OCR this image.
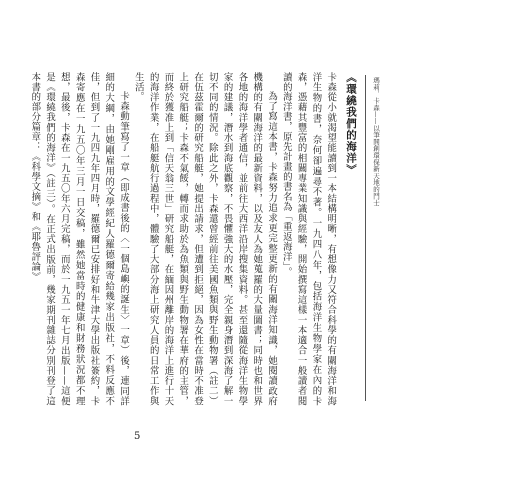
瑪莉．卡森——以筆開創環保新天地的鬥士
《環繞我們的海洋》

卡森從小就渴望能讀到一本結構明晰，有想像力又符合科學的有關海洋和海洋生物的書，奈何卻遍尋不著。一九四八年，包括海洋生物學家在內的卡森，憑藉其豐富的相關專業知識與經驗，開始撰寫這樣一本適合一般讀者閱讀的海洋書，原先計畫的書名為「重返海洋」。

為了寫這本書，卡森努力追求更完整更新的有關海洋知識，她閱讀政府機構的有關海洋的最新資料，以及友人為她蒐羅的大量圖書；同時也和世界各地的海洋學者通信，並前往大西洋沿岸搜集資料。甚至還隨從海洋生物學家的建議，潛水到海底觀察，不畏懼強大的水壓，完全親身潛到深海了解一切不同的情況。除此之外，卡森還曾經前往美國魚類與野生動物署（註二）在伍茲霍爾的研究船艇，她提出請求，但遭到拒絕，因為女性在當時不准登上研究船艇；卡森不氣餒，轉而求助於為魚類與野生動物署在華府的主管，而終於獲准上到「信天翁三世」研究船艇，在緬因州離岸的海洋上進行十天的海洋作業，在船艇航行過程中，體驗了大部分海上研究人員的日常工作與生活。

卡森動筆寫了一章（即成書後的〈一個島嶼的誕生〉一章）後，連同詳細的大綱，由她剛雇用的文學經紀人羅德爾寄給幾家出版社，不料反應不佳，但到了一九四九年四月時，羅德爾已安排好和牛津大學出版社簽約，卡森寄應在一九五〇年三月一日交稿，雖然她當時的健康和財務狀況都不理想，最後，卡森在一九五〇年六月完稿，而於一九五一年七月出版——這便是《環繞我們的海洋》（註三）。在正式出版前，幾家期刊雜誌分別刊登了這本書的部分篇章：《科學文摘》和《耶魯評論》

5
